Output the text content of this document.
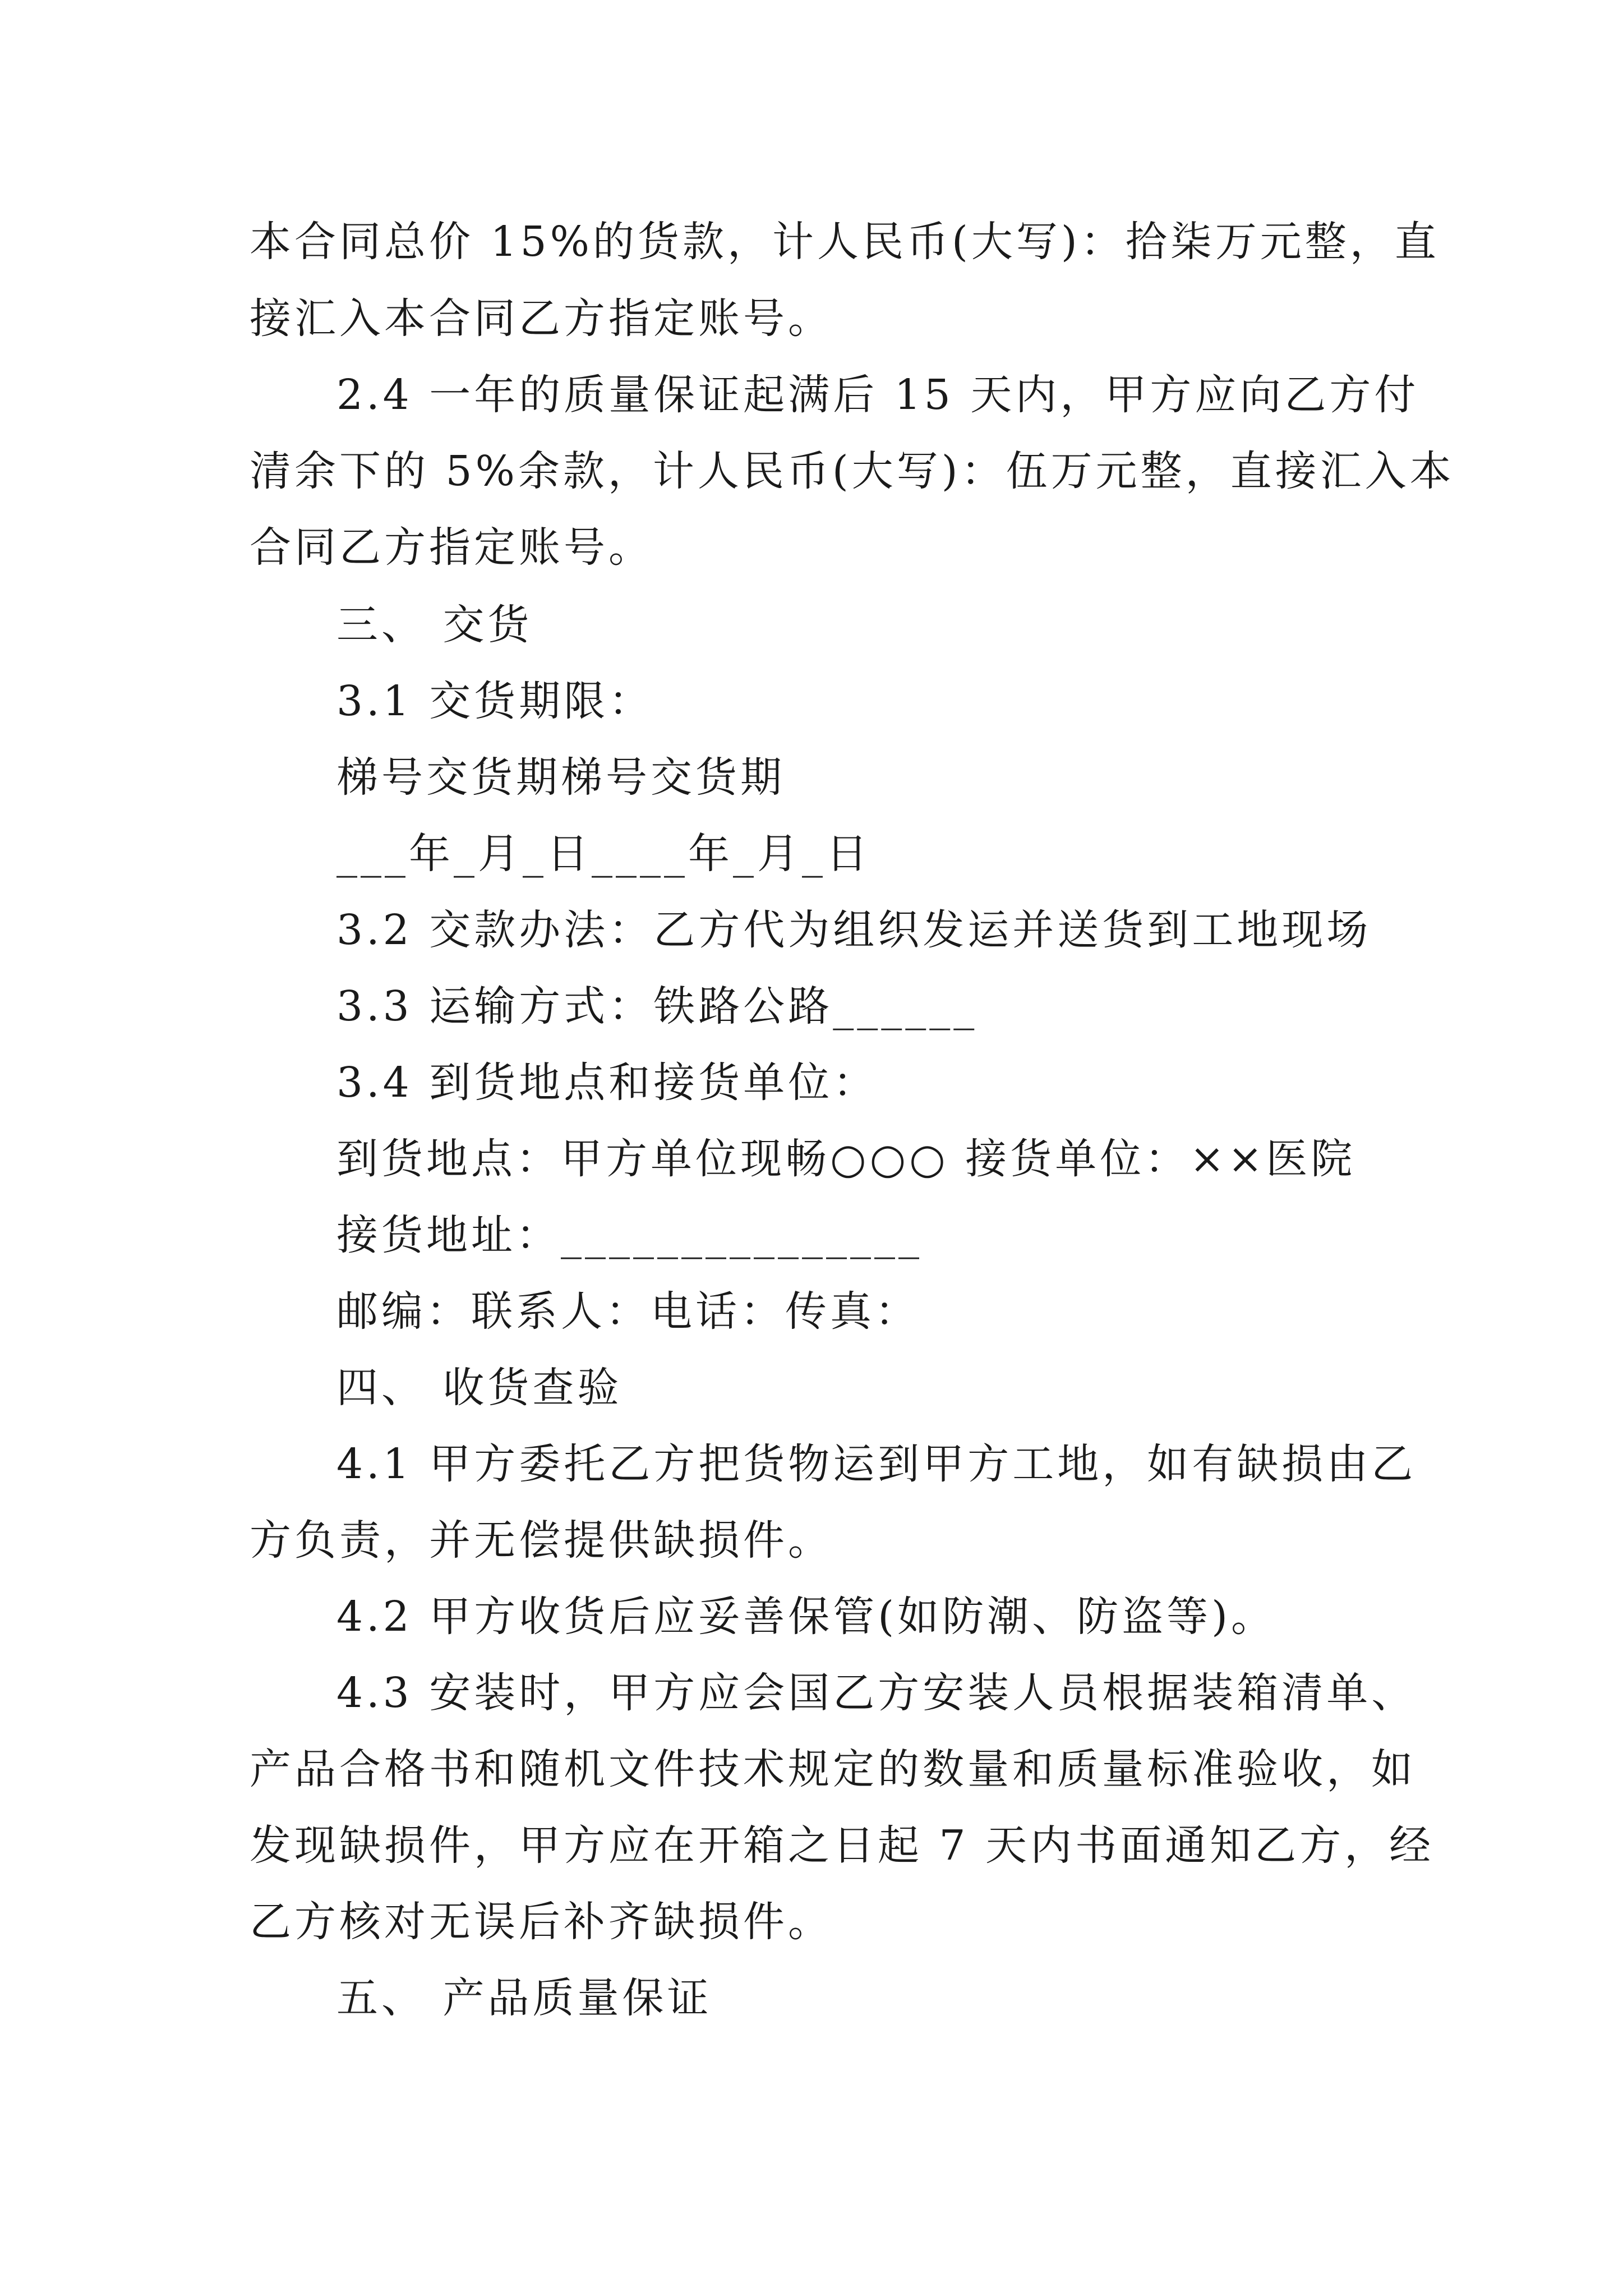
本合同总价 15%的货款，计人民币(大写)：拾柒万元整，直
接汇入本合同乙方指定账号。
2.4 一年的质量保证起满后 15 天内，甲方应向乙方付
清余下的 5%余款，计人民币(大写)：伍万元整，直接汇入本
合同乙方指定账号。
三、 交货
3.1 交货期限：
梯号交货期梯号交货期
___年_月_日____年_月_日
3.2 交款办法：乙方代为组织发运并送货到工地现场
3.3 运输方式：铁路公路______
3.4 到货地点和接货单位：
到货地点：甲方单位现畅○○○ 接货单位：××医院
接货地址：_______________
邮编：联系人：电话：传真：
四、 收货查验
4.1 甲方委托乙方把货物运到甲方工地，如有缺损由乙
方负责，并无偿提供缺损件。
4.2 甲方收货后应妥善保管(如防潮、防盗等)。
4.3 安装时，甲方应会国乙方安装人员根据装箱清单、
产品合格书和随机文件技术规定的数量和质量标准验收，如
发现缺损件，甲方应在开箱之日起 7 天内书面通知乙方，经
乙方核对无误后补齐缺损件。
五、 产品质量保证
